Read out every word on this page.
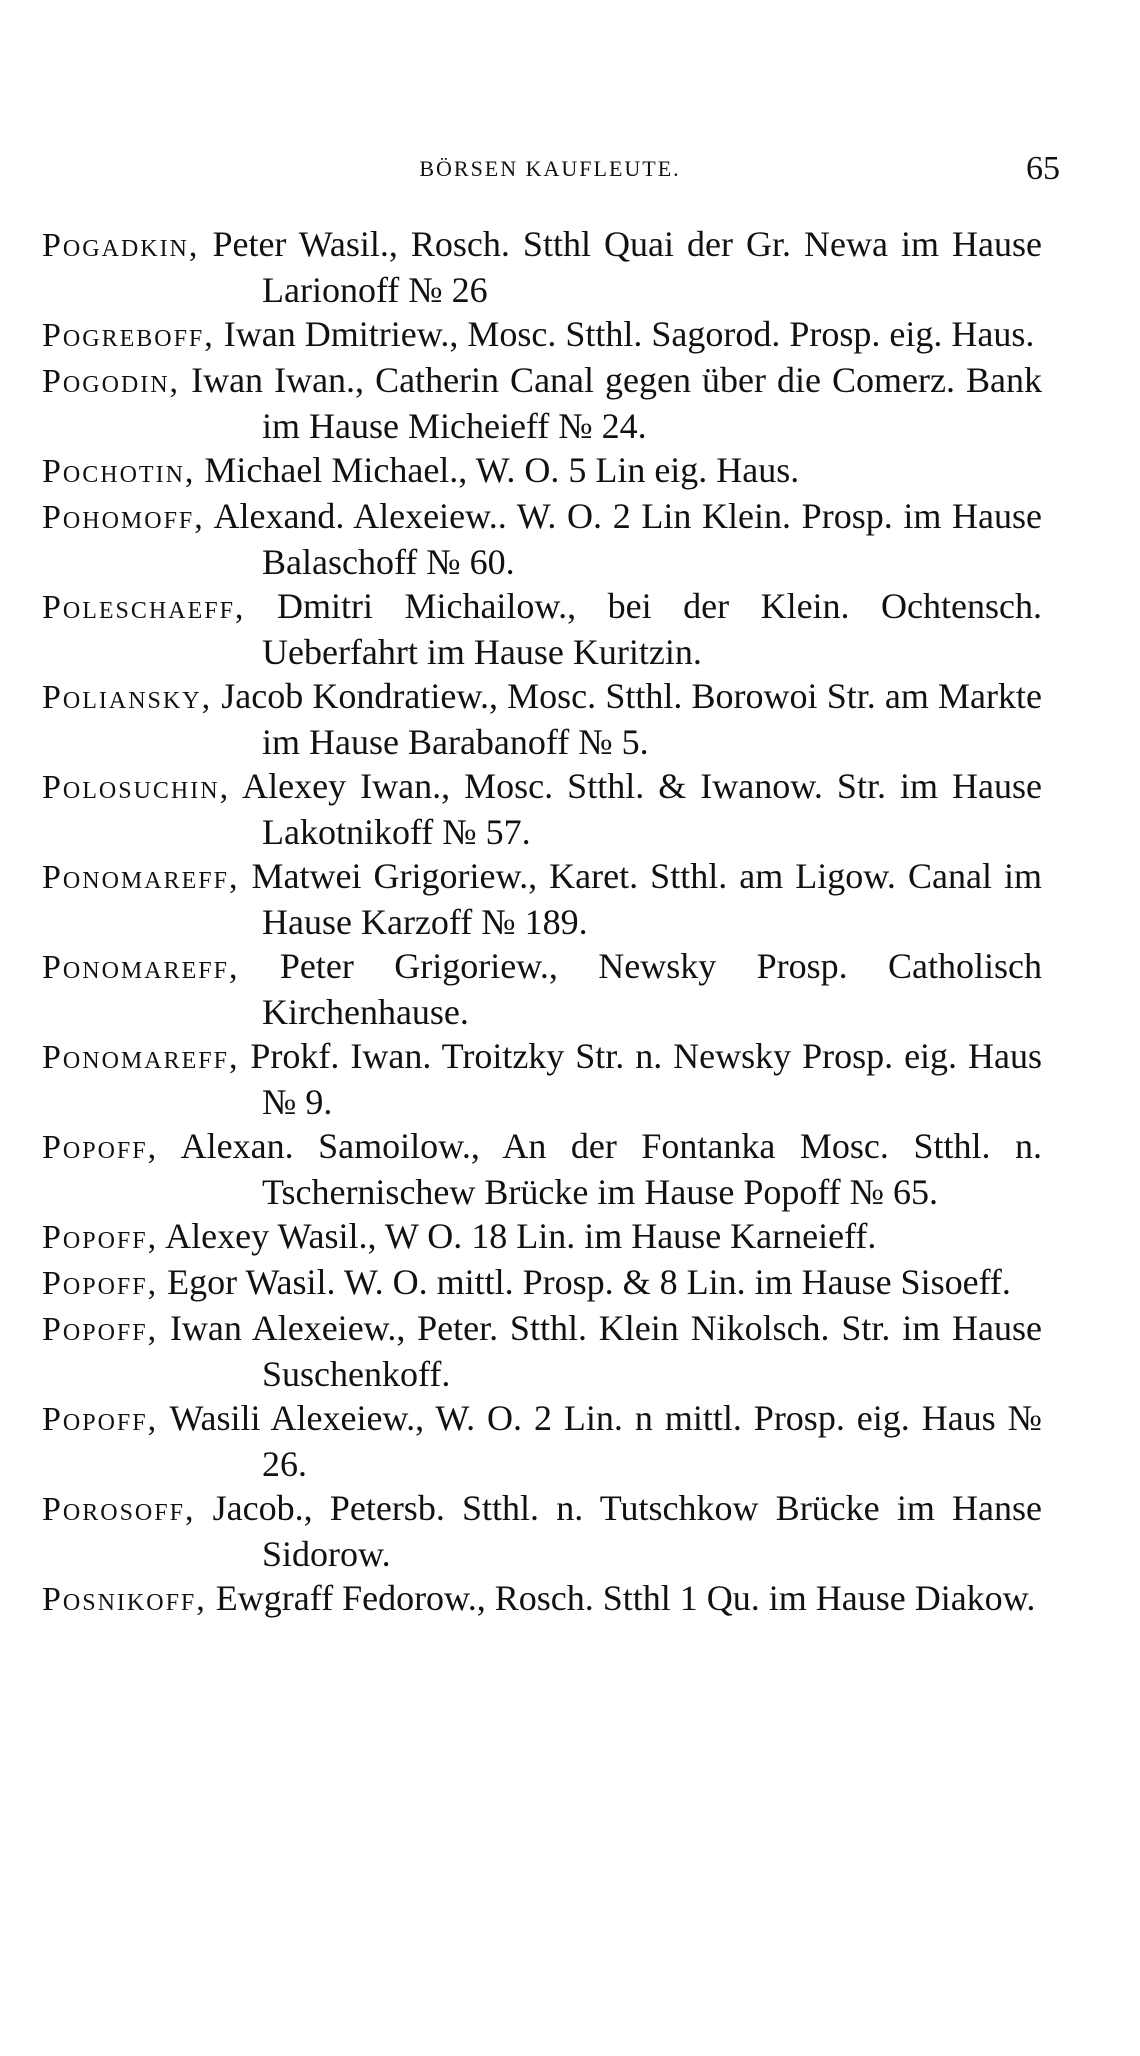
BÖRSEN KAUFLEUTE.	65

Pogadkin, Peter Wasil., Rosch. Stthl Quai der Gr. Newa im Hause Larionoff № 26

Pogreboff, Iwan Dmitriew., Mosc. Stthl. Sagorod. Prosp. eig. Haus.

Pogodin, Iwan Iwan., Catherin Canal gegen über die Comerz. Bank im Hause Micheieff № 24.

Pochotin, Michael Michael., W. O. 5 Lin eig. Haus.

Pohomoff, Alexand. Alexeiew.. W. O. 2 Lin Klein. Prosp. im Hause Balaschoff № 60.

Poleschaeff, Dmitri Michailow., bei der Klein. Ochtensch. Ueberfahrt im Hause Kuritzin.

Poliansky, Jacob Kondratiew., Mosc. Stthl. Borowoi Str. am Markte im Hause Barabanoff № 5.

Polosuchin, Alexey Iwan., Mosc. Stthl. & Iwanow. Str. im Hause Lakotnikoff № 57.

Ponomareff, Matwei Grigoriew., Karet. Stthl. am Ligow. Canal im Hause Karzoff № 189.

Ponomareff, Peter Grigoriew., Newsky Prosp. Catholisch Kirchenhause.

Ponomareff, Prokf. Iwan. Troitzky Str. n. Newsky Prosp. eig. Haus № 9.

Popoff, Alexan. Samoilow., An der Fontanka Mosc. Stthl. n. Tschernischew Brücke im Hause Popoff № 65.

Popoff, Alexey Wasil., W O. 18 Lin. im Hause Karneieff.

Popoff, Egor Wasil. W. O. mittl. Prosp. & 8 Lin. im Hause Sisoeff.

Popoff, Iwan Alexeiew., Peter. Stthl. Klein Nikolsch. Str. im Hause Suschenkoff.

Popoff, Wasili Alexeiew., W. O. 2 Lin. n mittl. Prosp. eig. Haus № 26.

Porosoff, Jacob., Petersb. Stthl. n. Tutschkow Brücke im Hanse Sidorow.

Posnikoff, Ewgraff Fedorow., Rosch. Stthl 1 Qu. im Hause Diakow.
